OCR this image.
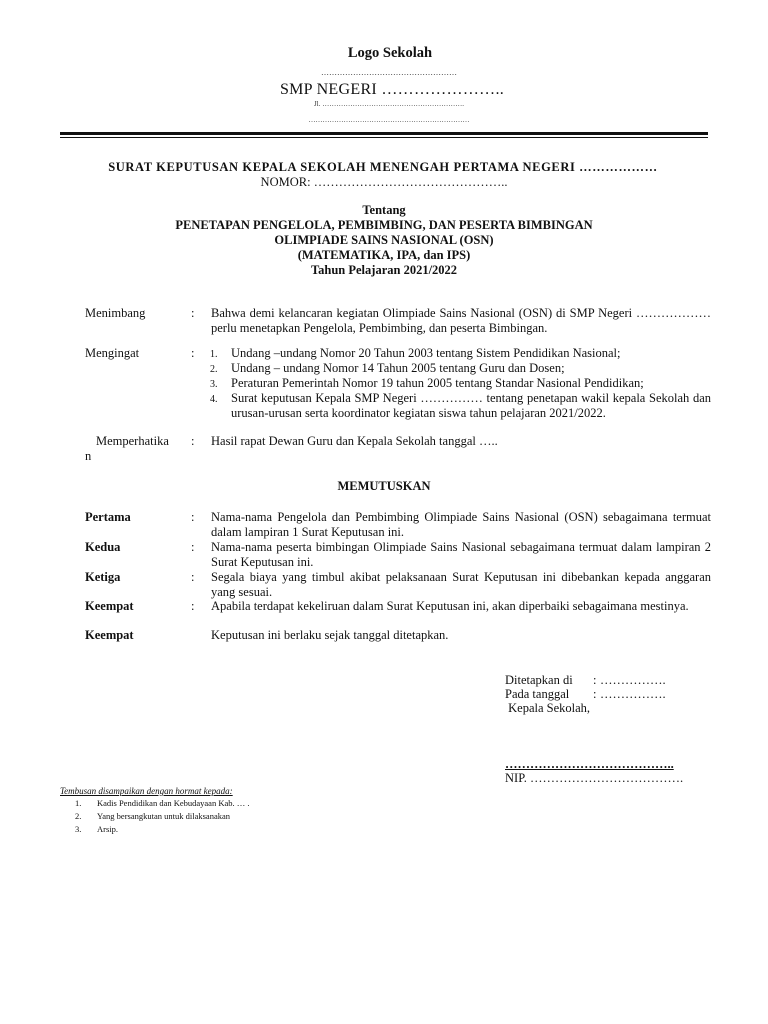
Logo Sekolah
……………………………………………
SMP NEGERI …………………..
Jl. …………………………………………………….
……………………………………………………………
SURAT KEPUTUSAN KEPALA SEKOLAH MENENGAH PERTAMA NEGERI ………………
NOMOR: ………………………………………..
Tentang
PENETAPAN PENGELOLA, PEMBIMBING, DAN PESERTA BIMBINGAN
OLIMPIADE SAINS NASIONAL (OSN)
(MATEMATIKA, IPA, dan IPS)
Tahun Pelajaran 2021/2022
Menimbang	: Bahwa demi kelancaran kegiatan Olimpiade Sains Nasional (OSN) di SMP Negeri ……………… perlu menetapkan Pengelola, Pembimbing, dan peserta Bimbingan.
Mengingat	: 1. Undang –undang Nomor 20 Tahun 2003 tentang Sistem Pendidikan Nasional;
2. Undang – undang Nomor 14 Tahun 2005 tentang Guru dan Dosen;
3. Peraturan Pemerintah Nomor 19 tahun 2005 tentang Standar Nasional Pendidikan;
4. Surat keputusan Kepala SMP Negeri …………… tentang penetapan wakil kepala Sekolah dan urusan-urusan serta koordinator kegiatan siswa tahun pelajaran 2021/2022.
Memperhatika
n
: Hasil rapat Dewan Guru dan Kepala Sekolah tanggal …..
MEMUTUSKAN
Pertama	: Nama-nama Pengelola dan Pembimbing Olimpiade Sains Nasional (OSN) sebagaimana termuat dalam lampiran 1 Surat Keputusan ini.
Kedua	: Nama-nama peserta bimbingan Olimpiade Sains Nasional sebagaimana termuat dalam lampiran 2 Surat Keputusan ini.
Ketiga	: Segala biaya yang timbul akibat pelaksanaan Surat Keputusan ini dibebankan kepada anggaran yang sesuai.
Keempat	: Apabila terdapat kekeliruan dalam Surat Keputusan ini, akan diperbaiki sebagaimana mestinya.
Keempat	Keputusan ini berlaku sejak tanggal ditetapkan.
Ditetapkan di : …………….
Pada tanggal : …………….
Kepala Sekolah,
…………………………………..
NIP. ……………………………….
Tembusan disampaikan dengan hormat kepada:
1. Kadis Pendidikan dan Kebudayaan Kab. … .
2. Yang bersangkutan untuk dilaksanakan
3. Arsip.
